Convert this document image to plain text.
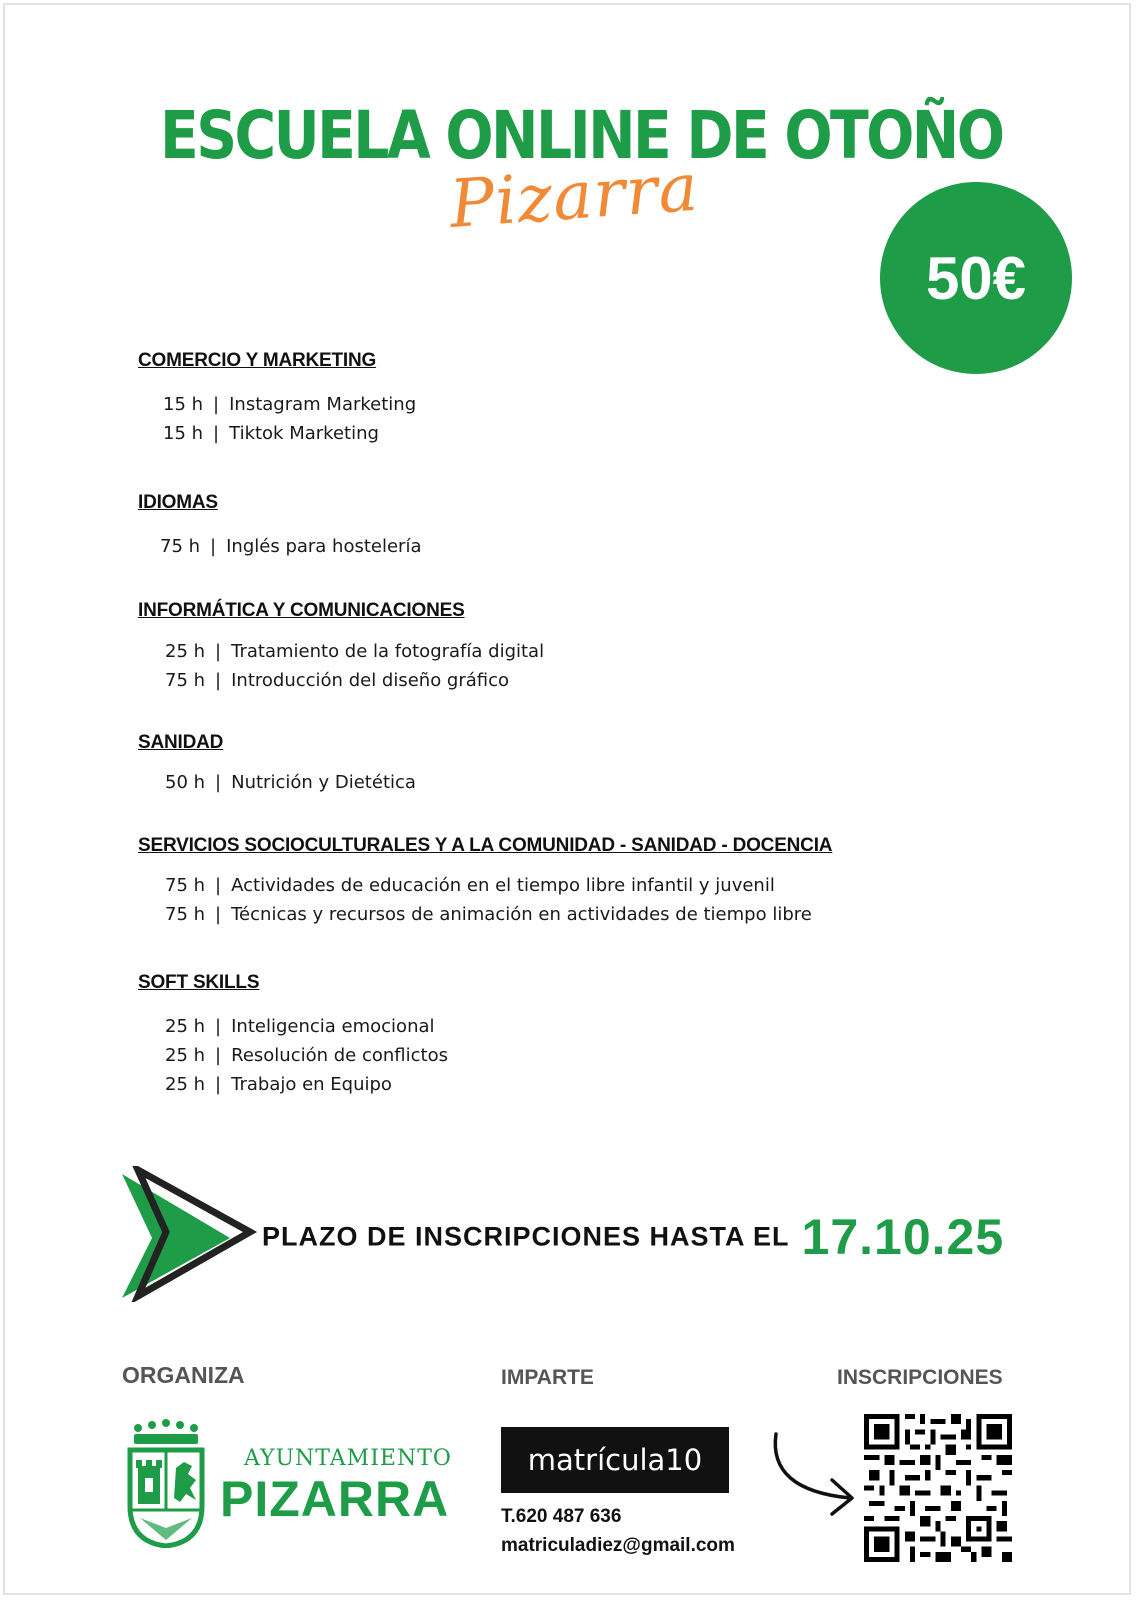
ESCUELA ONLINE DE OTOÑO
Pizarra
50€
COMERCIO Y MARKETING
15 h | Instagram Marketing
15 h | Tiktok Marketing
IDIOMAS
75 h | Inglés para hostelería
INFORMÁTICA Y COMUNICACIONES
25 h | Tratamiento de la fotografía digital
75 h | Introducción del diseño gráfico
SANIDAD
50 h | Nutrición y Dietética
SERVICIOS SOCIOCULTURALES Y A LA COMUNIDAD - SANIDAD - DOCENCIA
75 h | Actividades de educación en el tiempo libre infantil y juvenil
75 h | Técnicas y recursos de animación en actividades de tiempo libre
SOFT SKILLS
25 h | Inteligencia emocional
25 h | Resolución de conflictos
25 h | Trabajo en Equipo
PLAZO DE INSCRIPCIONES HASTA EL 17.10.25
ORGANIZA
AYUNTAMIENTO
PIZARRA
IMPARTE
matrícula10
T.620 487 636
matriculadiez@gmail.com
INSCRIPCIONES
